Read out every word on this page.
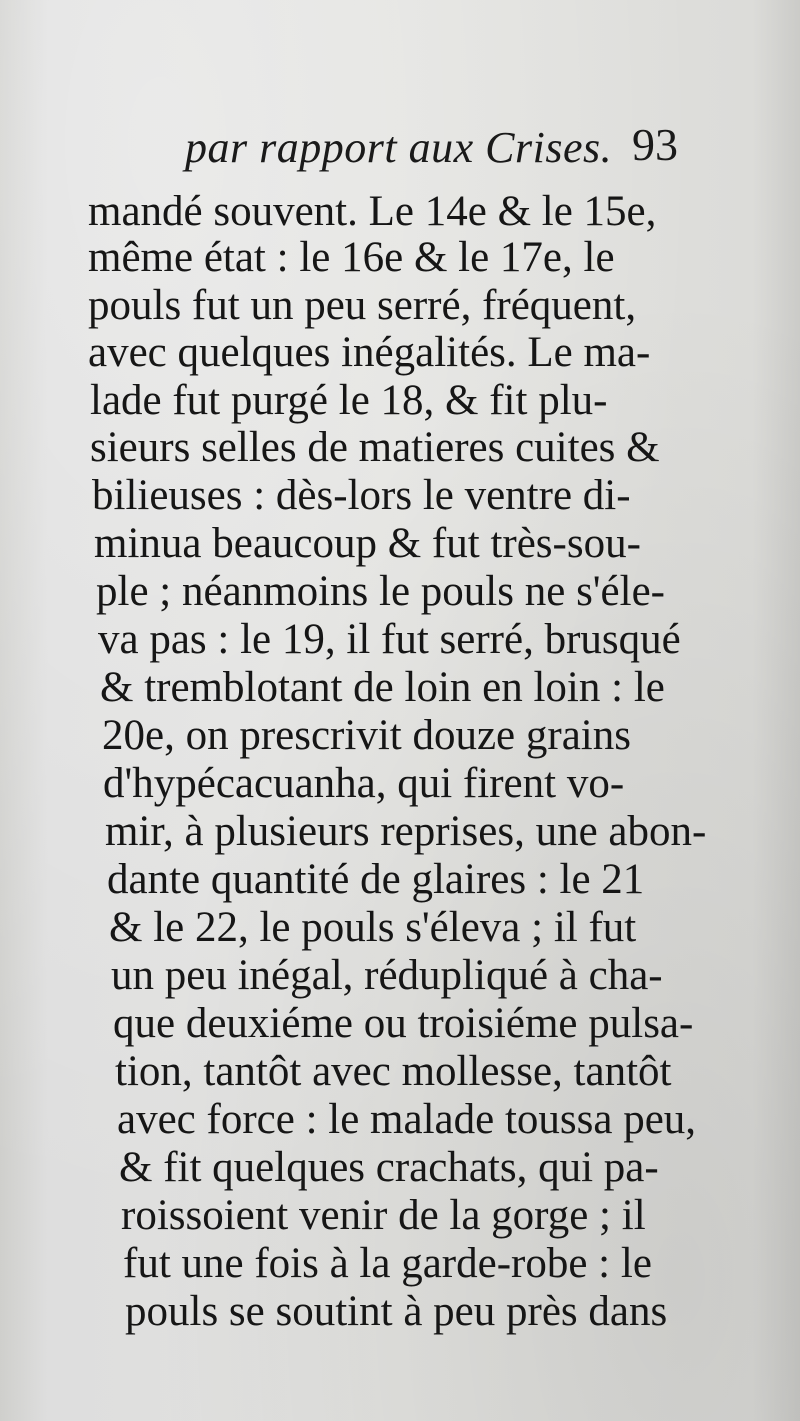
par rapport aux Crises. 93
mandé souvent. Le 14e & le 15e,
même état : le 16e & le 17e, le
pouls fut un peu serré, fréquent,
avec quelques inégalités. Le ma-
lade fut purgé le 18, & fit plu-
sieurs selles de matieres cuites &
bilieuses : dès-lors le ventre di-
minua beaucoup & fut très-sou-
ple ; néanmoins le pouls ne s'éle-
va pas : le 19, il fut serré, brusqué
& tremblotant de loin en loin : le
20e, on prescrivit douze grains
d'hypécacuanha, qui firent vo-
mir, à plusieurs reprises, une abon-
dante quantité de glaires : le 21
& le 22, le pouls s'éleva ; il fut
un peu inégal, rédupliqué à cha-
que deuxiéme ou troisiéme pulsa-
tion, tantôt avec mollesse, tantôt
avec force : le malade toussa peu,
& fit quelques crachats, qui pa-
roissoient venir de la gorge ; il
fut une fois à la garde-robe : le
pouls se soutint à peu près dans
